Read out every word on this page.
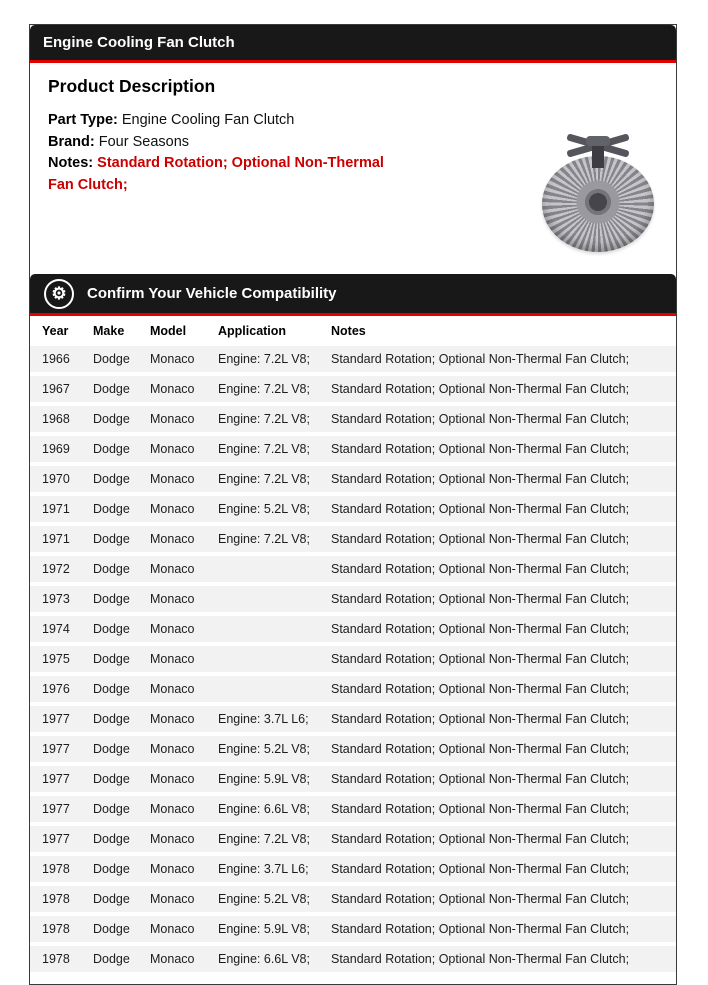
Engine Cooling Fan Clutch
Product Description

Part Type: Engine Cooling Fan Clutch

Brand: Four Seasons

Notes: Standard Rotation; Optional Non-Thermal Fan Clutch;

⚙	Confirm Your Vehicle Compatibility
Year	Make	Model	Application	Notes
1966	Dodge	Monaco	Engine: 7.2L V8;	Standard Rotation; Optional Non-Thermal Fan Clutch;
1967	Dodge	Monaco	Engine: 7.2L V8;	Standard Rotation; Optional Non-Thermal Fan Clutch;
1968	Dodge	Monaco	Engine: 7.2L V8;	Standard Rotation; Optional Non-Thermal Fan Clutch;
1969	Dodge	Monaco	Engine: 7.2L V8;	Standard Rotation; Optional Non-Thermal Fan Clutch;
1970	Dodge	Monaco	Engine: 7.2L V8;	Standard Rotation; Optional Non-Thermal Fan Clutch;
1971	Dodge	Monaco	Engine: 5.2L V8;	Standard Rotation; Optional Non-Thermal Fan Clutch;
1971	Dodge	Monaco	Engine: 7.2L V8;	Standard Rotation; Optional Non-Thermal Fan Clutch;
1972	Dodge	Monaco		Standard Rotation; Optional Non-Thermal Fan Clutch;
1973	Dodge	Monaco		Standard Rotation; Optional Non-Thermal Fan Clutch;
1974	Dodge	Monaco		Standard Rotation; Optional Non-Thermal Fan Clutch;
1975	Dodge	Monaco		Standard Rotation; Optional Non-Thermal Fan Clutch;
1976	Dodge	Monaco		Standard Rotation; Optional Non-Thermal Fan Clutch;
1977	Dodge	Monaco	Engine: 3.7L L6;	Standard Rotation; Optional Non-Thermal Fan Clutch;
1977	Dodge	Monaco	Engine: 5.2L V8;	Standard Rotation; Optional Non-Thermal Fan Clutch;
1977	Dodge	Monaco	Engine: 5.9L V8;	Standard Rotation; Optional Non-Thermal Fan Clutch;
1977	Dodge	Monaco	Engine: 6.6L V8;	Standard Rotation; Optional Non-Thermal Fan Clutch;
1977	Dodge	Monaco	Engine: 7.2L V8;	Standard Rotation; Optional Non-Thermal Fan Clutch;
1978	Dodge	Monaco	Engine: 3.7L L6;	Standard Rotation; Optional Non-Thermal Fan Clutch;
1978	Dodge	Monaco	Engine: 5.2L V8;	Standard Rotation; Optional Non-Thermal Fan Clutch;
1978	Dodge	Monaco	Engine: 5.9L V8;	Standard Rotation; Optional Non-Thermal Fan Clutch;
1978	Dodge	Monaco	Engine: 6.6L V8;	Standard Rotation; Optional Non-Thermal Fan Clutch;
